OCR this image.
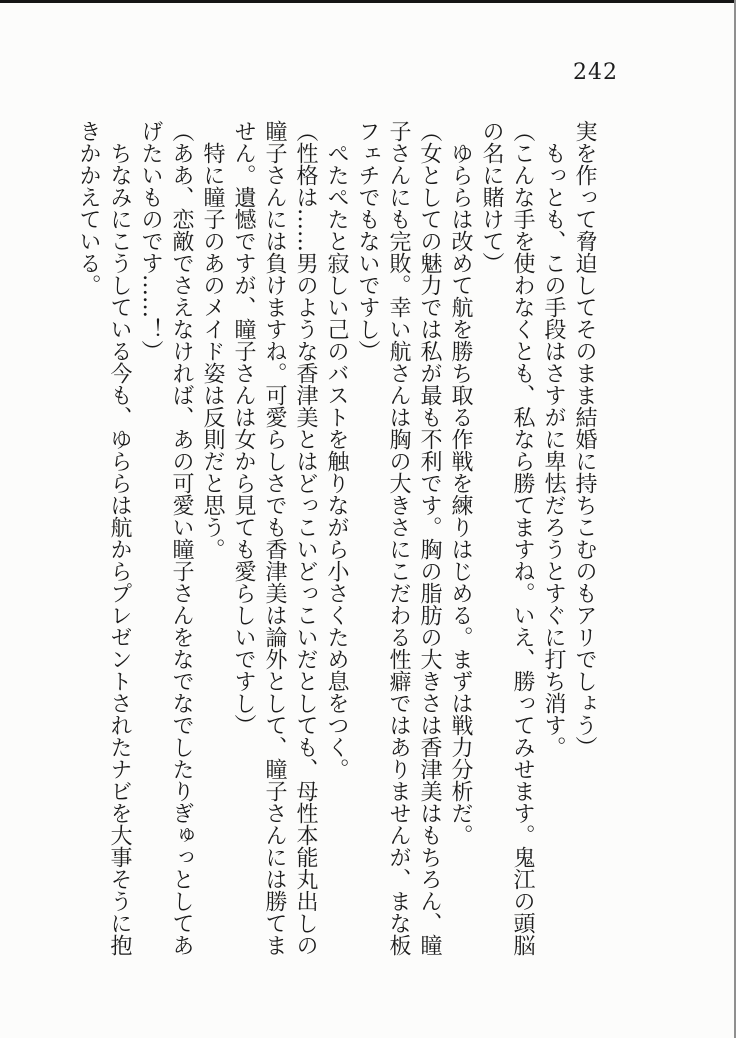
242
実を作って脅迫してそのまま結婚に持ちこむのもアリでしょう）
　もっとも、この手段はさすがに卑怯だろうとすぐに打ち消す。
（こんな手を使わなくとも、私なら勝てますね。いえ、勝ってみせます。鬼江の頭脳
の名に賭けて）
　ゆららは改めて航を勝ち取る作戦を練りはじめる。まずは戦力分析だ。
（女としての魅力では私が最も不利です。胸の脂肪の大きさは香津美はもちろん、瞳
子さんにも完敗。幸い航さんは胸の大きさにこだわる性癖ではありませんが、まな板
フェチでもないですし）
　ぺたぺたと寂しい己のバストを触りながら小さくため息をつく。
（性格は……男のような香津美とはどっこいどっこいだとしても、母性本能丸出しの
瞳子さんには負けますね。可愛らしさでも香津美は論外として、瞳子さんには勝てま
せん。遺憾ですが、瞳子さんは女から見ても愛らしいですし）
　特に瞳子のあのメイド姿は反則だと思う。
（ああ、恋敵でさえなければ、あの可愛い瞳子さんをなでなでしたりぎゅっとしてあ
げたいものです……！）
　ちなみにこうしている今も、ゆららは航からプレゼントされたナビを大事そうに抱
きかかえている。
